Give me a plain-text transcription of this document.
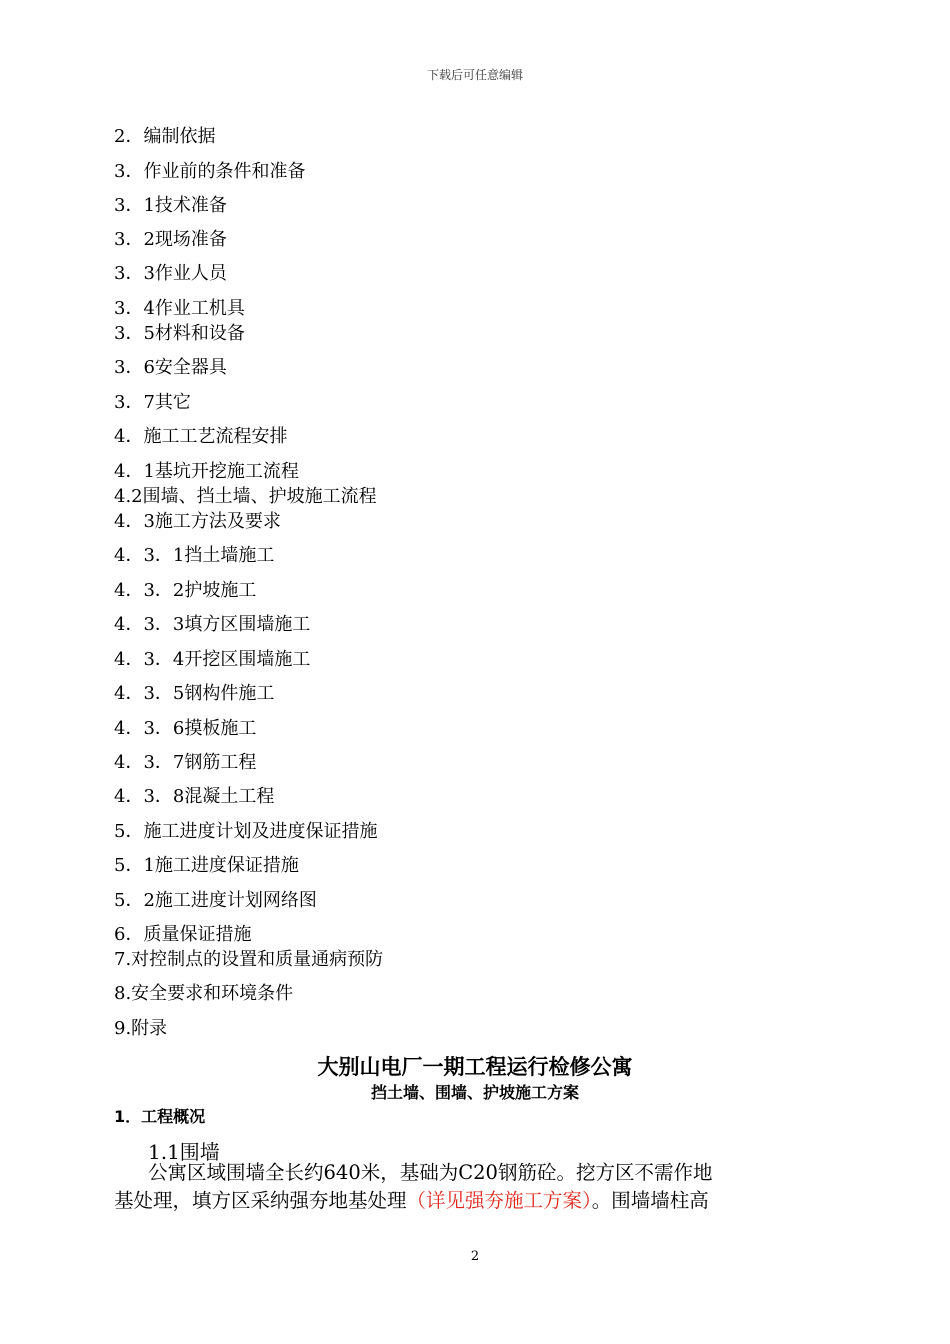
下载后可任意编辑
2．编制依据
3．作业前的条件和准备
3．1技术准备
3．2现场准备
3．3作业人员
3．4作业工机具
3．5材料和设备
3．6安全器具
3．7其它
4．施工工艺流程安排
4．1基坑开挖施工流程
4.2围墙、挡土墙、护坡施工流程
4．3施工方法及要求
4．3．1挡土墙施工
4．3．2护坡施工
4．3．3填方区围墙施工
4．3．4开挖区围墙施工
4．3．5钢构件施工
4．3．6摸板施工
4．3．7钢筋工程
4．3．8混凝土工程
5．施工进度计划及进度保证措施
5．1施工进度保证措施
5．2施工进度计划网络图
6．质量保证措施
7.对控制点的设置和质量通病预防
8.安全要求和环境条件
9.附录
大别山电厂一期工程运行检修公寓
挡土墙、围墙、护坡施工方案
1．工程概况
1.1围墙
公寓区域围墙全长约640米，基础为C20钢筋砼。挖方区不需作地
基处理，填方区采纳强夯地基处理（详见强夯施工方案）。围墙墙柱高
2
